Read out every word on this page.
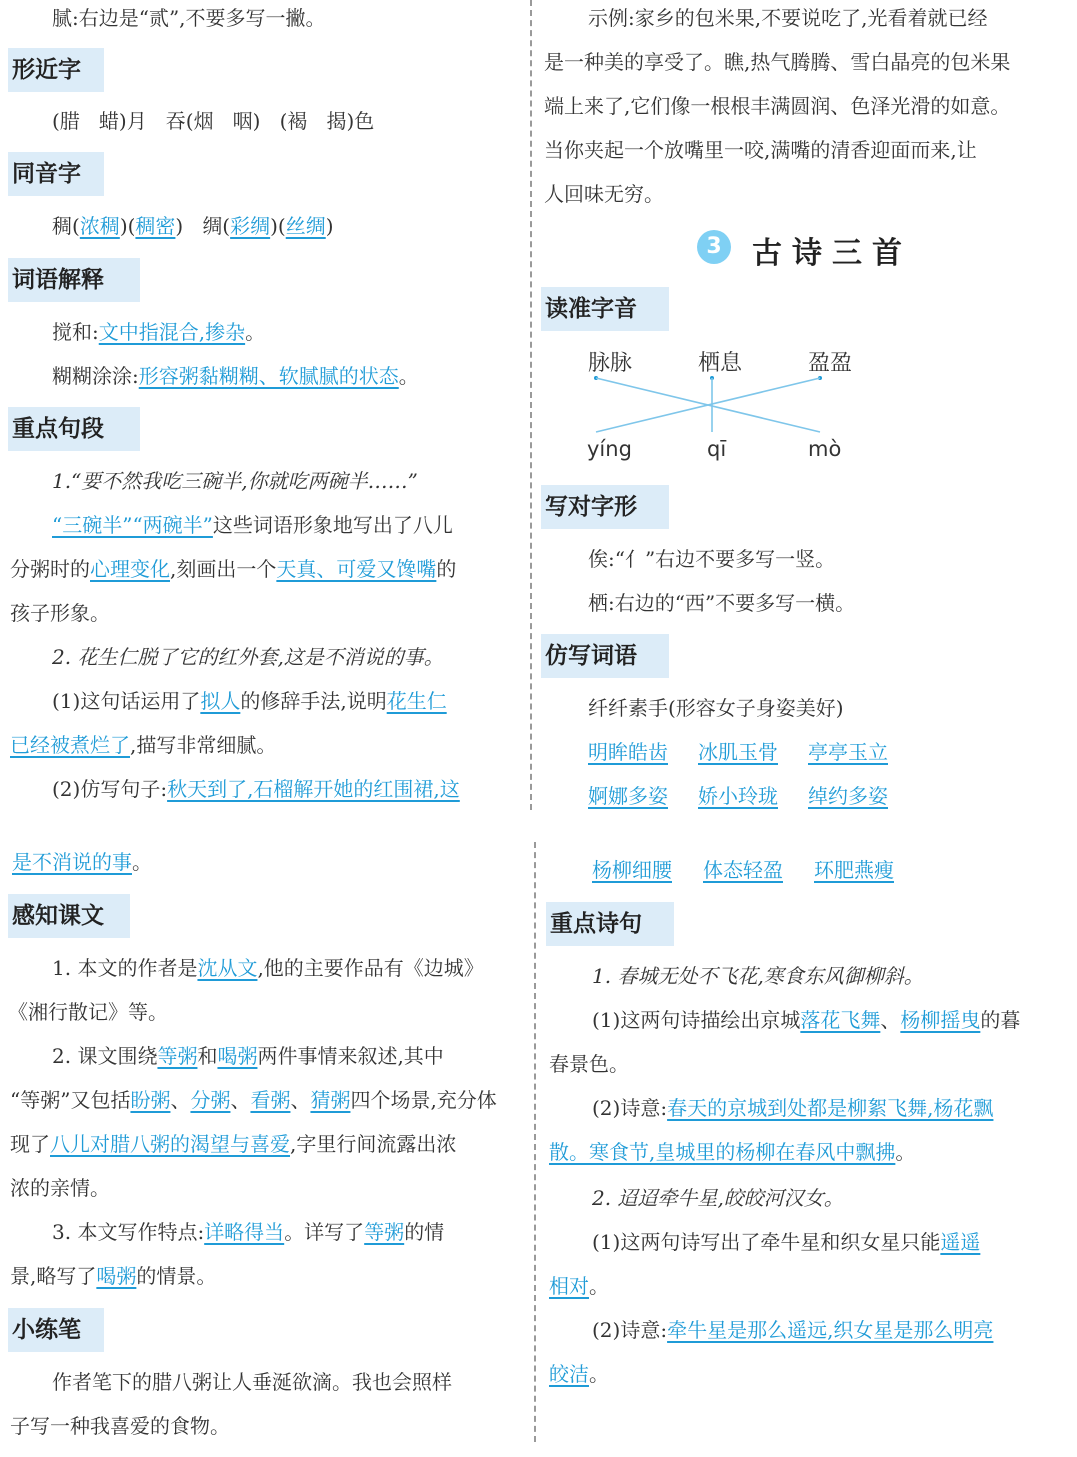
腻:右边是“贰”,不要多写一撇。
形近字
(腊 蜡)月 吞(烟 咽) (褐 揭)色
同音字
稠(浓稠)(稠密) 绸(彩绸)(丝绸)
词语解释
搅和:文中指混合,掺杂。
糊糊涂涂:形容粥黏糊糊、软腻腻的状态。
重点句段
1.“要不然我吃三碗半,你就吃两碗半……”
“三碗半”“两碗半”这些词语形象地写出了八儿
分粥时的心理变化,刻画出一个天真、可爱又馋嘴的
孩子形象。
2. 花生仁脱了它的红外套,这是不消说的事。
(1)这句话运用了拟人的修辞手法,说明花生仁
已经被煮烂了,描写非常细腻。
(2)仿写句子:秋天到了,石榴解开她的红围裙,这
示例:家乡的包米果,不要说吃了,光看着就已经
是一种美的享受了。瞧,热气腾腾、雪白晶亮的包米果
端上来了,它们像一根根丰满圆润、色泽光滑的如意。
当你夹起一个放嘴里一咬,满嘴的清香迎面而来,让
人回味无穷。
3	古诗三首
读准字音
脉脉	栖息	盈盈
yíng	qī	mò
写对字形
俟:“亻”右边不要多写一竖。
栖:右边的“西”不要多写一横。
仿写词语
纤纤素手(形容女子身姿美好)
明眸皓齿 冰肌玉骨 亭亭玉立
婀娜多姿 娇小玲珑 绰约多姿
是不消说的事。
感知课文
1. 本文的作者是沈从文,他的主要作品有《边城》
《湘行散记》等。
2. 课文围绕等粥和喝粥两件事情来叙述,其中
“等粥”又包括盼粥、分粥、看粥、猜粥四个场景,充分体
现了八儿对腊八粥的渴望与喜爱,字里行间流露出浓
浓的亲情。
3. 本文写作特点:详略得当。详写了等粥的情
景,略写了喝粥的情景。
小练笔
作者笔下的腊八粥让人垂涎欲滴。我也会照样
子写一种我喜爱的食物。
杨柳细腰 体态轻盈 环肥燕瘦
重点诗句
1. 春城无处不飞花,寒食东风御柳斜。
(1)这两句诗描绘出京城落花飞舞、杨柳摇曳的暮
春景色。
(2)诗意:春天的京城到处都是柳絮飞舞,杨花飘
散。寒食节,皇城里的杨柳在春风中飘拂。
2. 迢迢牵牛星,皎皎河汉女。
(1)这两句诗写出了牵牛星和织女星只能遥遥
相对。
(2)诗意:牵牛星是那么遥远,织女星是那么明亮
皎洁。
